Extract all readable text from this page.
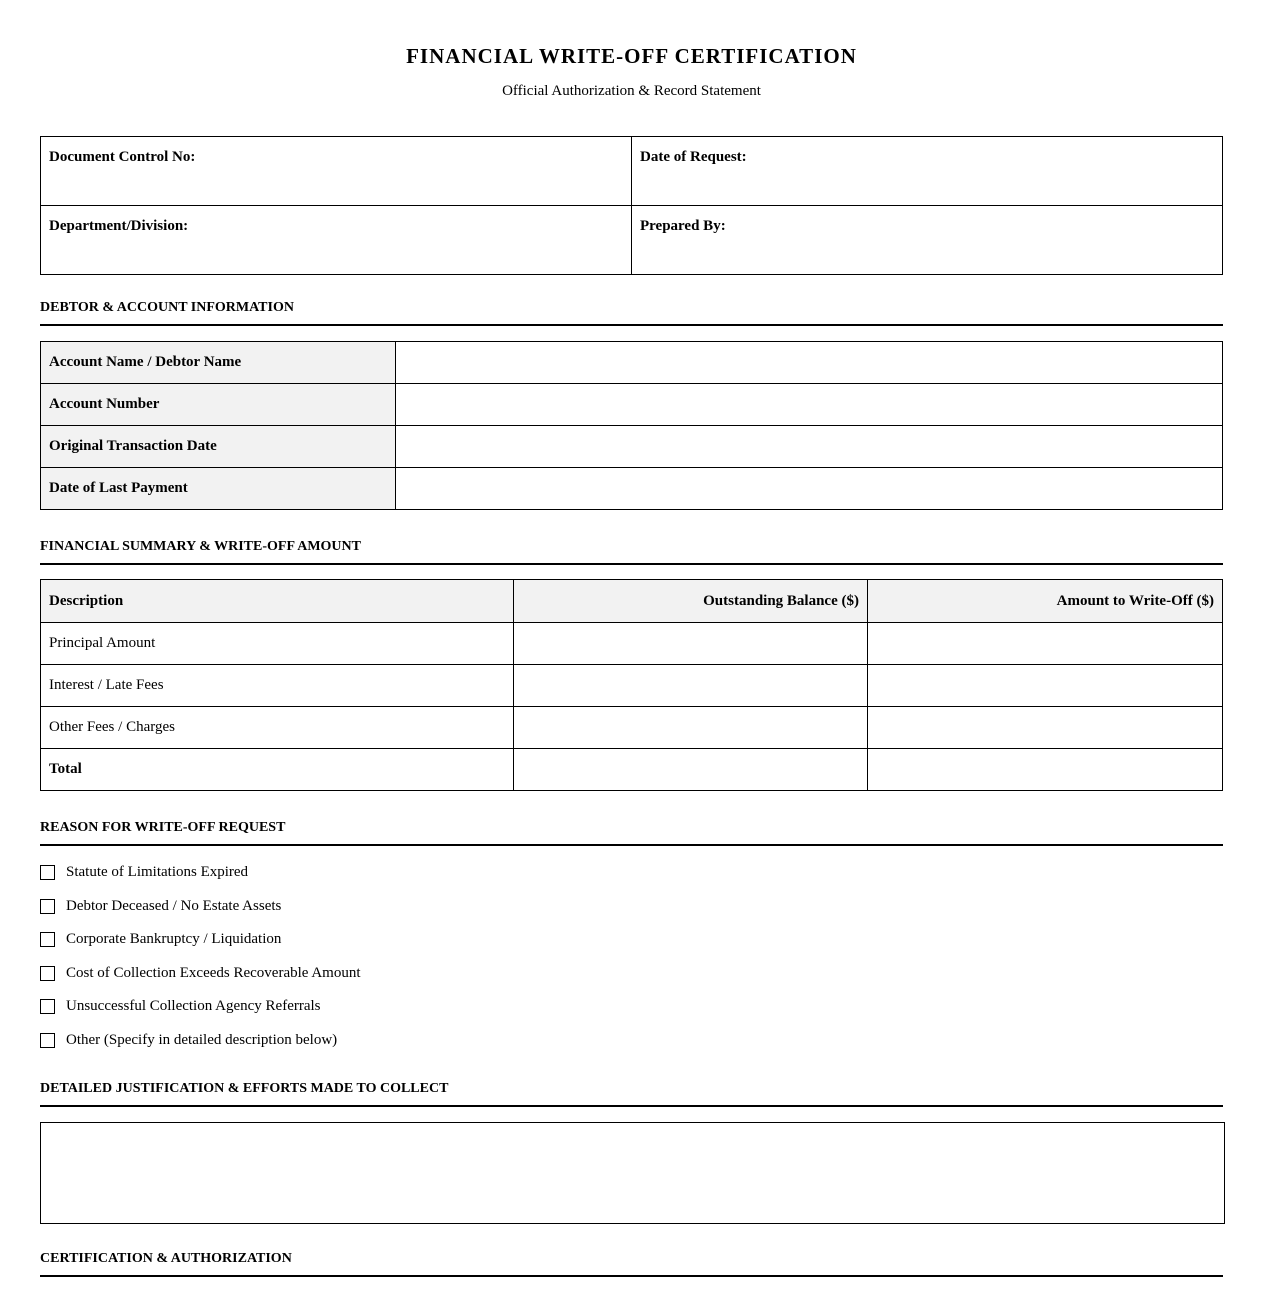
FINANCIAL WRITE-OFF CERTIFICATION
Official Authorization & Record Statement
Document Control No:	Date of Request:
Department/Division:	Prepared By:
DEBTOR & ACCOUNT INFORMATION
Account Name / Debtor Name	
Account Number	
Original Transaction Date	
Date of Last Payment	
FINANCIAL SUMMARY & WRITE-OFF AMOUNT
Description	Outstanding Balance ($)	Amount to Write-Off ($)
Principal Amount		
Interest / Late Fees		
Other Fees / Charges		
Total		
REASON FOR WRITE-OFF REQUEST
Statute of Limitations Expired
Debtor Deceased / No Estate Assets
Corporate Bankruptcy / Liquidation
Cost of Collection Exceeds Recoverable Amount
Unsuccessful Collection Agency Referrals
Other (Specify in detailed description below)
DETAILED JUSTIFICATION & EFFORTS MADE TO COLLECT
CERTIFICATION & AUTHORIZATION
